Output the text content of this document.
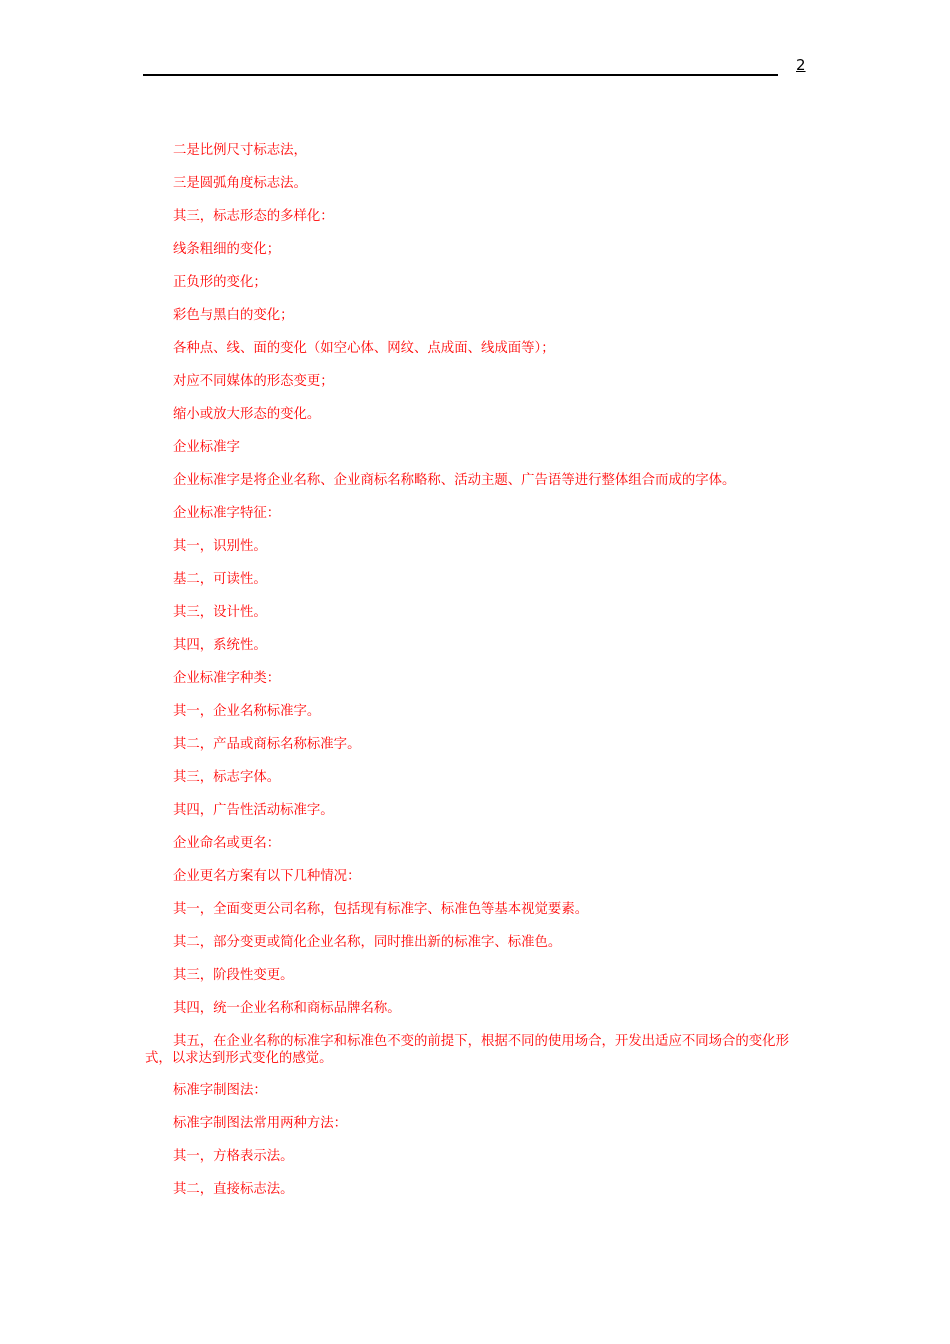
2

二是比例尺寸标志法，

三是圆弧角度标志法。

其三，标志形态的多样化：

线条粗细的变化；

正负形的变化；

彩色与黑白的变化；

各种点、线、面的变化（如空心体、网纹、点成面、线成面等）；

对应不同媒体的形态变更；

缩小或放大形态的变化。

企业标准字

企业标准字是将企业名称、企业商标名称略称、活动主题、广告语等进行整体组合而成的字体。

企业标准字特征：

其一，识别性。

基二，可读性。

其三，设计性。

其四，系统性。

企业标准字种类：

其一，企业名称标准字。

其二，产品或商标名称标准字。

其三，标志字体。

其四，广告性活动标准字。

企业命名或更名：

企业更名方案有以下几种情况：

其一，全面变更公司名称，包括现有标准字、标准色等基本视觉要素。

其二，部分变更或简化企业名称，同时推出新的标准字、标准色。

其三，阶段性变更。

其四，统一企业名称和商标品牌名称。

其五，在企业名称的标准字和标准色不变的前提下，根据不同的使用场合，开发出适应不同场合的变化形式，以求达到形式变化的感觉。

标准字制图法：

标准字制图法常用两种方法：

其一，方格表示法。

其二，直接标志法。
